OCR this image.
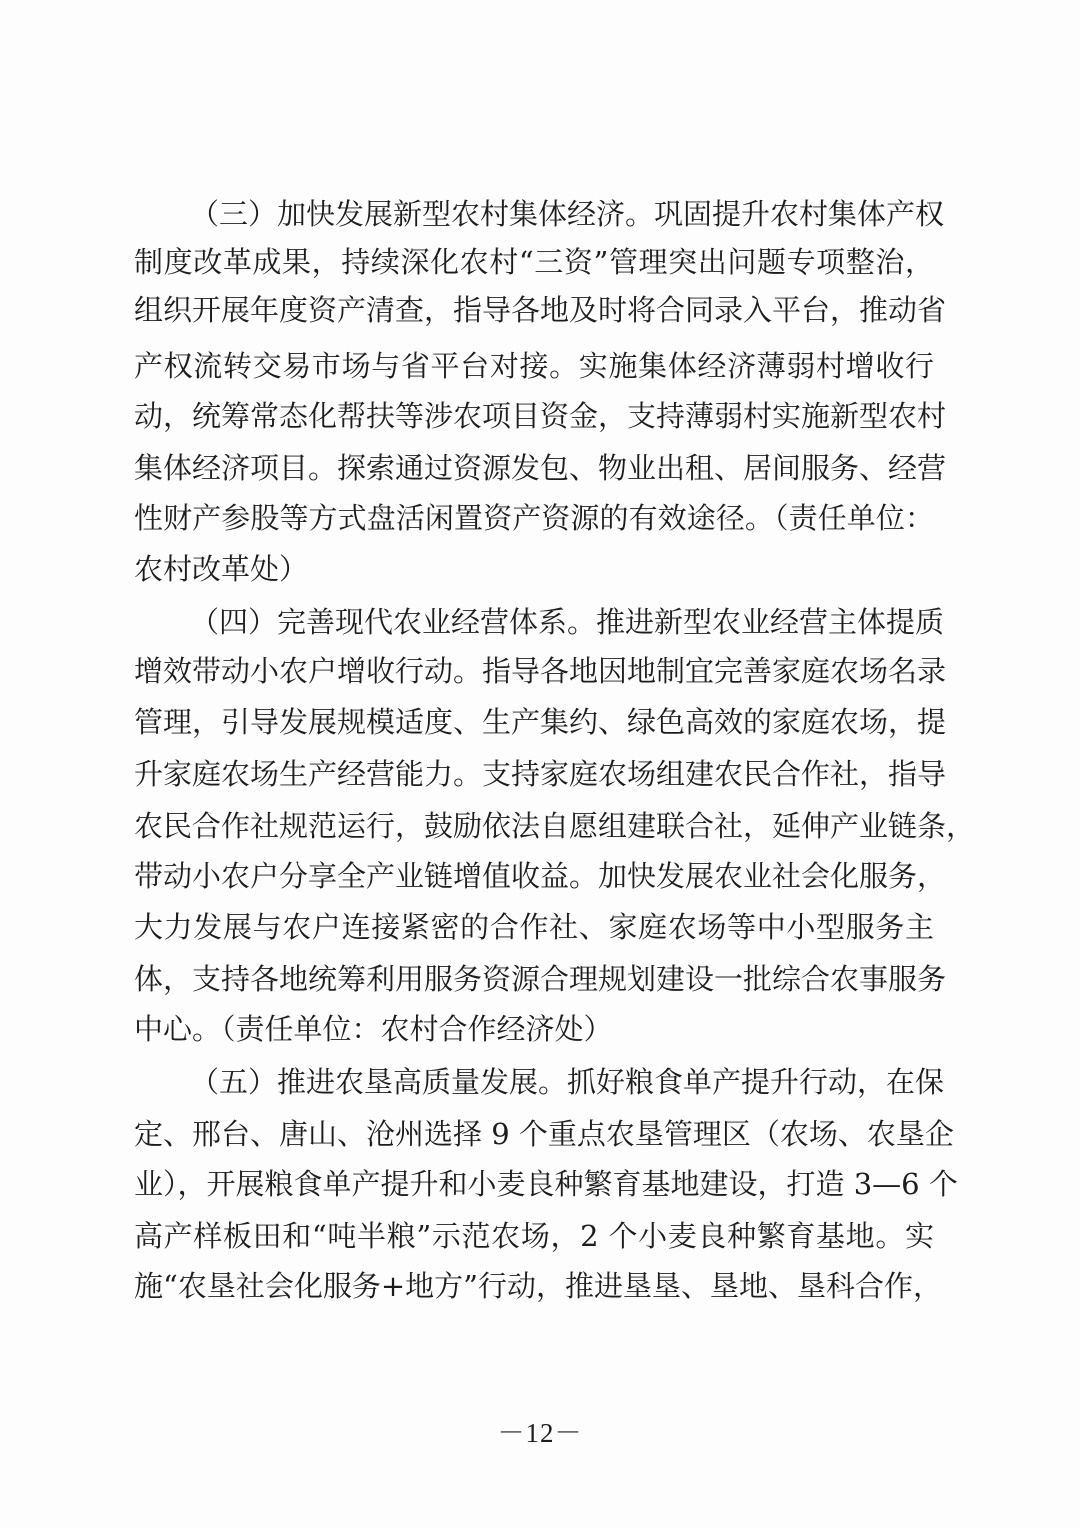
（三）加快发展新型农村集体经济。巩固提升农村集体产权
制度改革成果，持续深化农村“三资”管理突出问题专项整治，
组织开展年度资产清查，指导各地及时将合同录入平台，推动省
产权流转交易市场与省平台对接。实施集体经济薄弱村增收行
动，统筹常态化帮扶等涉农项目资金，支持薄弱村实施新型农村
集体经济项目。探索通过资源发包、物业出租、居间服务、经营
性财产参股等方式盘活闲置资产资源的有效途径。（责任单位：
农村改革处）
（四）完善现代农业经营体系。推进新型农业经营主体提质
增效带动小农户增收行动。指导各地因地制宜完善家庭农场名录
管理，引导发展规模适度、生产集约、绿色高效的家庭农场，提
升家庭农场生产经营能力。支持家庭农场组建农民合作社，指导
农民合作社规范运行，鼓励依法自愿组建联合社，延伸产业链条，
带动小农户分享全产业链增值收益。加快发展农业社会化服务，
大力发展与农户连接紧密的合作社、家庭农场等中小型服务主
体，支持各地统筹利用服务资源合理规划建设一批综合农事服务
中心。（责任单位：农村合作经济处）
（五）推进农垦高质量发展。抓好粮食单产提升行动，在保
定、邢台、唐山、沧州选择 9 个重点农垦管理区（农场、农垦企
业），开展粮食单产提升和小麦良种繁育基地建设，打造 3—6 个
高产样板田和“吨半粮”示范农场，2 个小麦良种繁育基地。实
施“农垦社会化服务+地方”行动，推进垦垦、垦地、垦科合作，
－12－
